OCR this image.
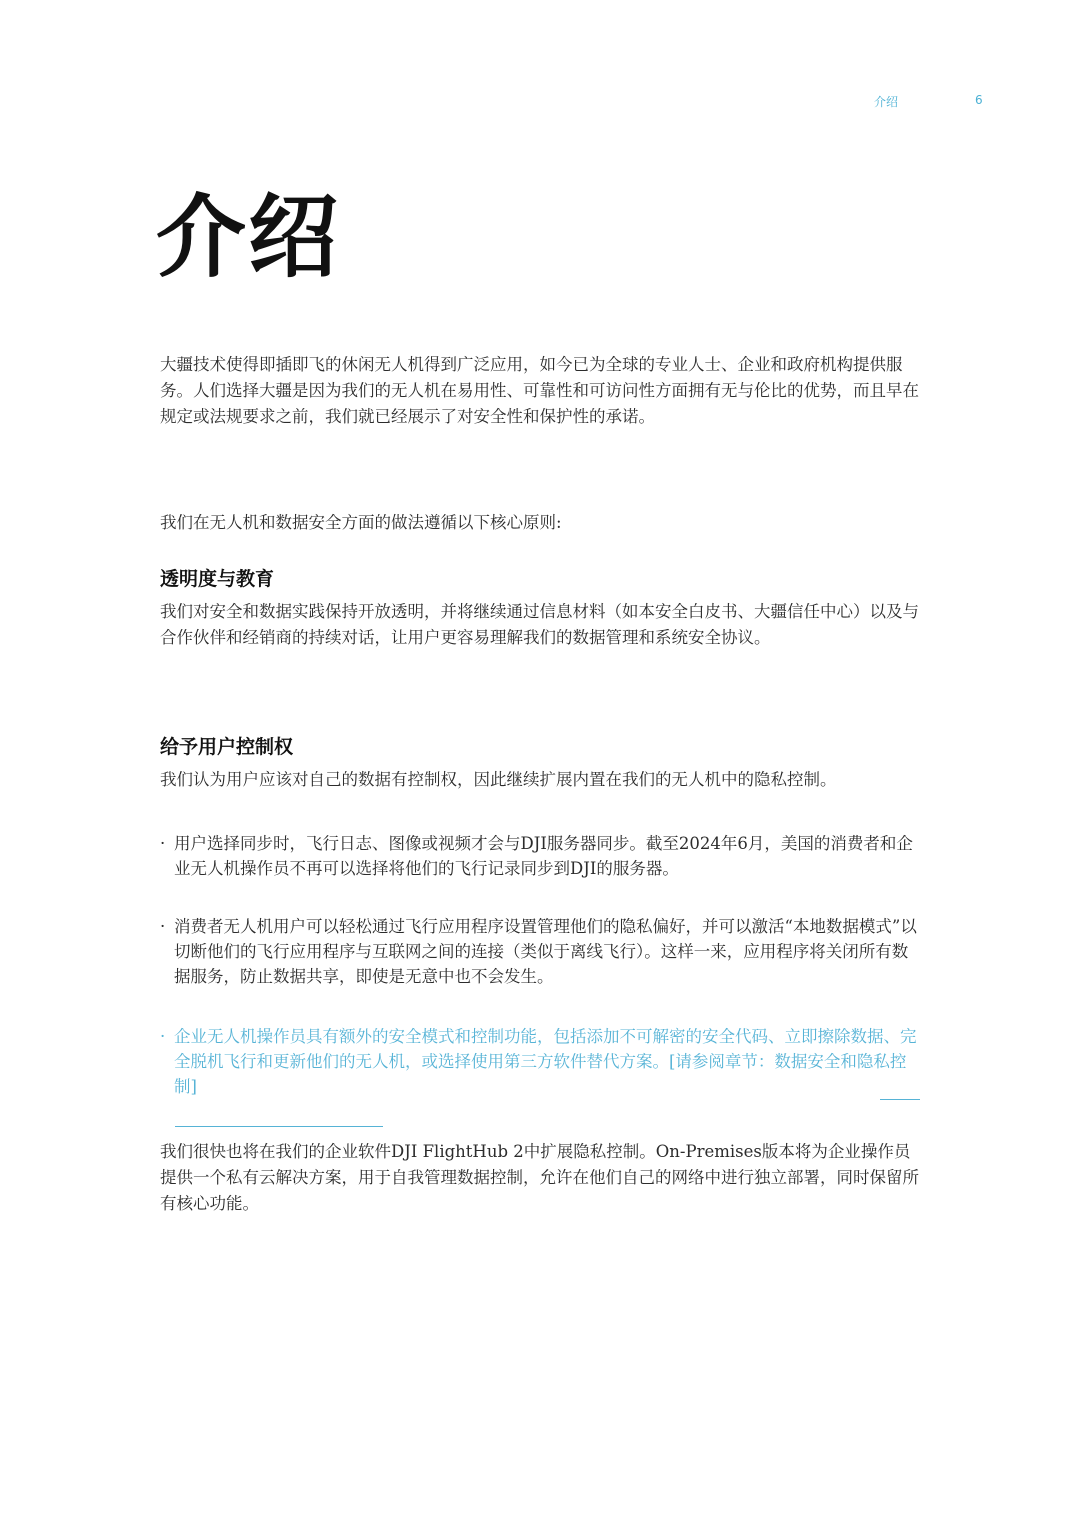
介绍	6
介绍

大疆技术使得即插即飞的休闲无人机得到广泛应用，如今已为全球的专业人士、企业和政府机构提供服务。人们选择大疆是因为我们的无人机在易用性、可靠性和可访问性方面拥有无与伦比的优势，而且早在规定或法规要求之前，我们就已经展示了对安全性和保护性的承诺。

我们在无人机和数据安全方面的做法遵循以下核心原则:

透明度与教育

我们对安全和数据实践保持开放透明，并将继续通过信息材料（如本安全白皮书、大疆信任中心）以及与合作伙伴和经销商的持续对话，让用户更容易理解我们的数据管理和系统安全协议。

给予用户控制权

我们认为用户应该对自己的数据有控制权，因此继续扩展内置在我们的无人机中的隐私控制。

· 用户选择同步时，飞行日志、图像或视频才会与DJI服务器同步。截至2024年6月，美国的消费者和企业无人机操作员不再可以选择将他们的飞行记录同步到DJI的服务器。
· 消费者无人机用户可以轻松通过飞行应用程序设置管理他们的隐私偏好，并可以激活“本地数据模式”以切断他们的飞行应用程序与互联网之间的连接（类似于离线飞行）。这样一来，应用程序将关闭所有数据服务，防止数据共享，即使是无意中也不会发生。
· 企业无人机操作员具有额外的安全模式和控制功能，包括添加不可解密的安全代码、立即擦除数据、完全脱机飞行和更新他们的无人机，或选择使用第三方软件替代方案。[请参阅章节：数据安全和隐私控制]

我们很快也将在我们的企业软件DJI FlightHub 2中扩展隐私控制。On-Premises版本将为企业操作员提供一个私有云解决方案，用于自我管理数据控制，允许在他们自己的网络中进行独立部署，同时保留所有核心功能。
